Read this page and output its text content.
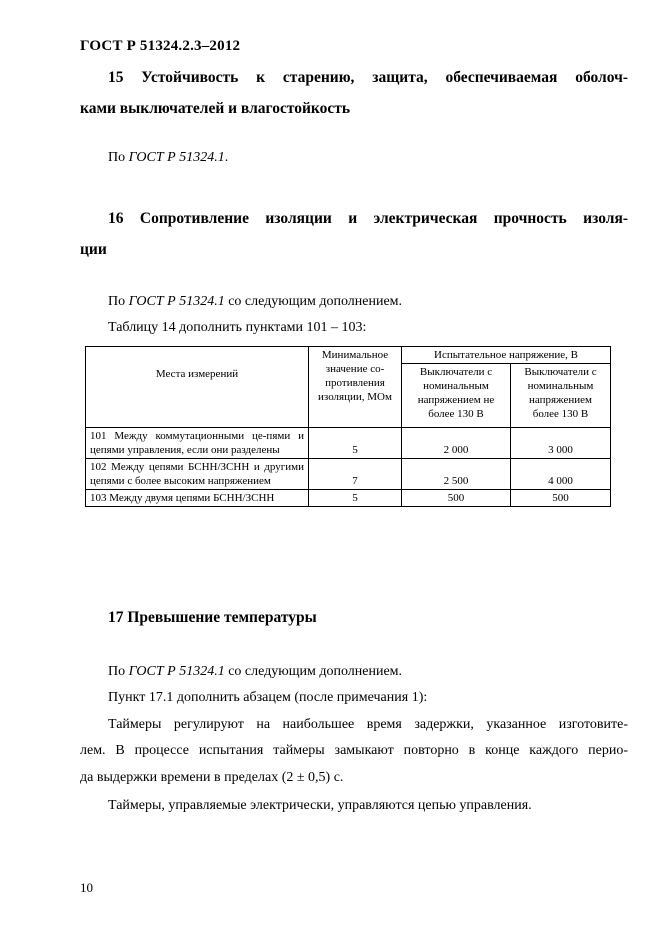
ГОСТ Р 51324.2.3–2012
15 Устойчивость к старению, защита, обеспечиваемая оболоч-
ками выключателей и влагостойкость
По ГОСТ Р 51324.1.
16 Сопротивление изоляции и электрическая прочность изоля-
ции
По ГОСТ Р 51324.1 со следующим дополнением.
Таблицу 14 дополнить пунктами 101 – 103:
Места измерений	Минимальное значение со-противления изоляции, МОм	Испытательное напряжение, В	
		Выключатели с номинальным напряжением не более 130 В	Выключатели с номинальным напряжением более 130 В
101 Между коммутационными це-пями и цепями управления, если они разделены	5	2 000	3 000
102 Между цепями БСНН/ЗСНН и другими цепями с более высоким напряжением	7	2 500	4 000
103 Между двумя цепями БСНН/ЗСНН	5	500	500
17 Превышение температуры
По ГОСТ Р 51324.1 со следующим дополнением.
Пункт 17.1 дополнить абзацем (после примечания 1):
Таймеры регулируют на наибольшее время задержки, указанное изготовите-
лем. В процессе испытания таймеры замыкают повторно в конце каждого перио-
да выдержки времени в пределах (2 ± 0,5) с.
Таймеры, управляемые электрически, управляются цепью управления.
10
